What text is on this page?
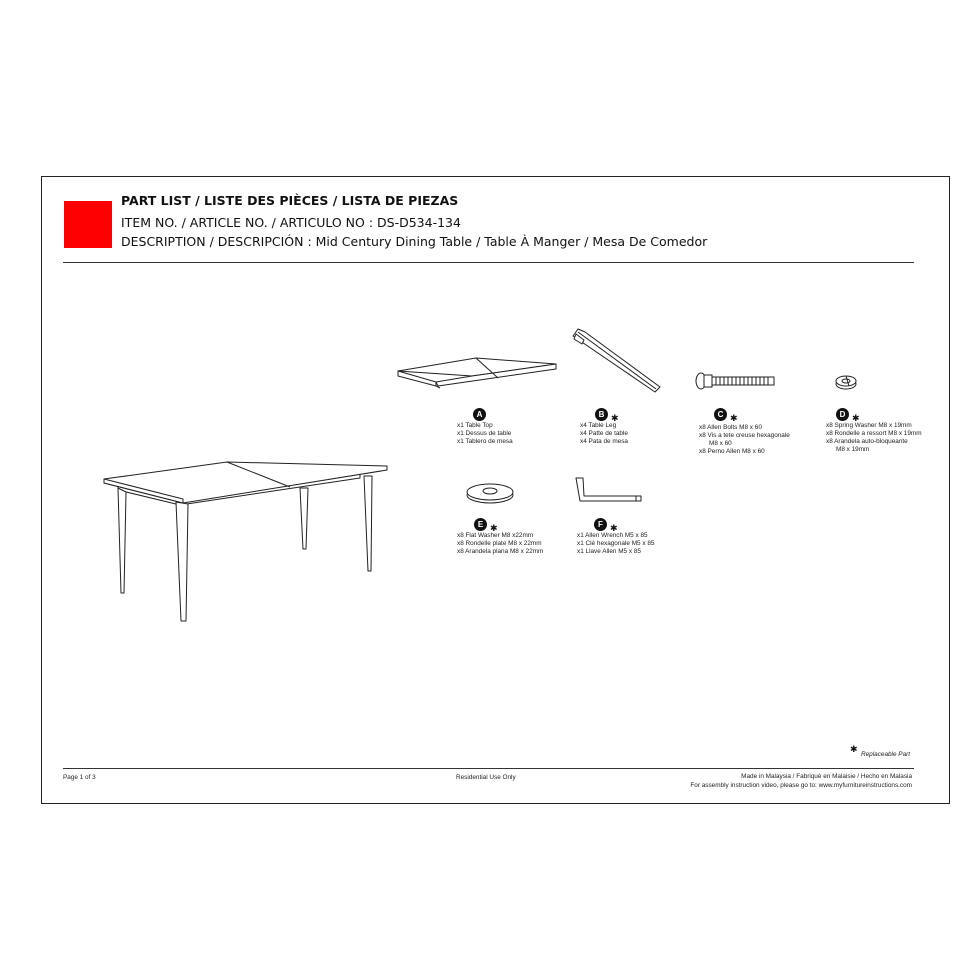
PART LIST / LISTE DES PIÈCES / LISTA DE PIEZAS
ITEM NO. / ARTICLE NO. / ARTICULO NO : DS-D534-134
DESCRIPTION / DESCRIPCIÓN : Mid Century Dining Table / Table À Manger / Mesa De Comedor
A
x1 Table Top
x1 Dessus de table
x1 Tablero de mesa
B ✱
x4 Table Leg
x4 Patte de table
x4 Pata de mesa
C ✱
x8 Allen Bolts M8 x 60
x8 Vis a tete creuse hexagonale
M8 x 60
x8 Perno Allen M8 x 60
D ✱
x8 Spring Washer M8 x 19mm
x8 Rondelle a ressort M8 x 19mm
x8 Arandela auto-bloqueante
M8 x 19mm
E ✱
x8 Flat Washer M8 x22mm
x8 Rondelle plate M8 x 22mm
x8 Arandela plana M8 x 22mm
F ✱
x1 Allen Wrench M5 x 85
x1 Clé hexagonale M5 x 85
x1 Llave Allen M5 x 85
✱
Replaceable Part
Page 1 of 3	Residential Use Only	Made in Malaysia / Fabriquè en Malaisie / Hecho en Malasia
For assembly instruction video, please go to: www.myfurnitureinstructions.com
